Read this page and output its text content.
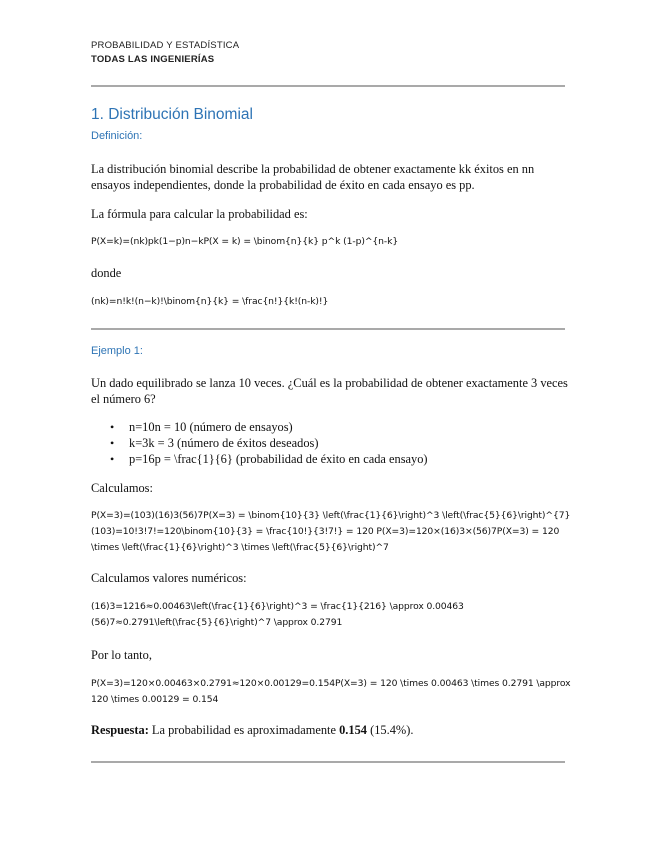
PROBABILIDAD Y ESTADÍSTICA
TODAS LAS INGENIERÍAS
1. Distribución Binomial
Definición:
La distribución binomial describe la probabilidad de obtener exactamente kk éxitos en nn ensayos independientes, donde la probabilidad de éxito en cada ensayo es pp.
La fórmula para calcular la probabilidad es:
P(X=k)=(nk)pk(1−p)n−kP(X = k) = \binom{n}{k} p^k (1-p)^{n-k}
donde
(nk)=n!k!(n−k)!\binom{n}{k} = \frac{n!}{k!(n-k)!}
Ejemplo 1:
Un dado equilibrado se lanza 10 veces. ¿Cuál es la probabilidad de obtener exactamente 3 veces el número 6?
• n=10n = 10 (número de ensayos)
• k=3k = 3 (número de éxitos deseados)
• p=16p = \frac{1}{6} (probabilidad de éxito en cada ensayo)
Calculamos:
P(X=3)=(103)(16)3(56)7P(X=3) = \binom{10}{3} \left(\frac{1}{6}\right)^3 \left(\frac{5}{6}\right)^{7} (103)=10!3!7!=120\binom{10}{3} = \frac{10!}{3!7!} = 120 P(X=3)=120×(16)3×(56)7P(X=3) = 120 \times \left(\frac{1}{6}\right)^3 \times \left(\frac{5}{6}\right)^7
Calculamos valores numéricos:
(16)3=1216≈0.00463\left(\frac{1}{6}\right)^3 = \frac{1}{216} \approx 0.00463 (56)7≈0.2791\left(\frac{5}{6}\right)^7 \approx 0.2791
Por lo tanto,
P(X=3)=120×0.00463×0.2791≈120×0.00129=0.154P(X=3) = 120 \times 0.00463 \times 0.2791 \approx 120 \times 0.00129 = 0.154
Respuesta: La probabilidad es aproximadamente 0.154 (15.4%).
